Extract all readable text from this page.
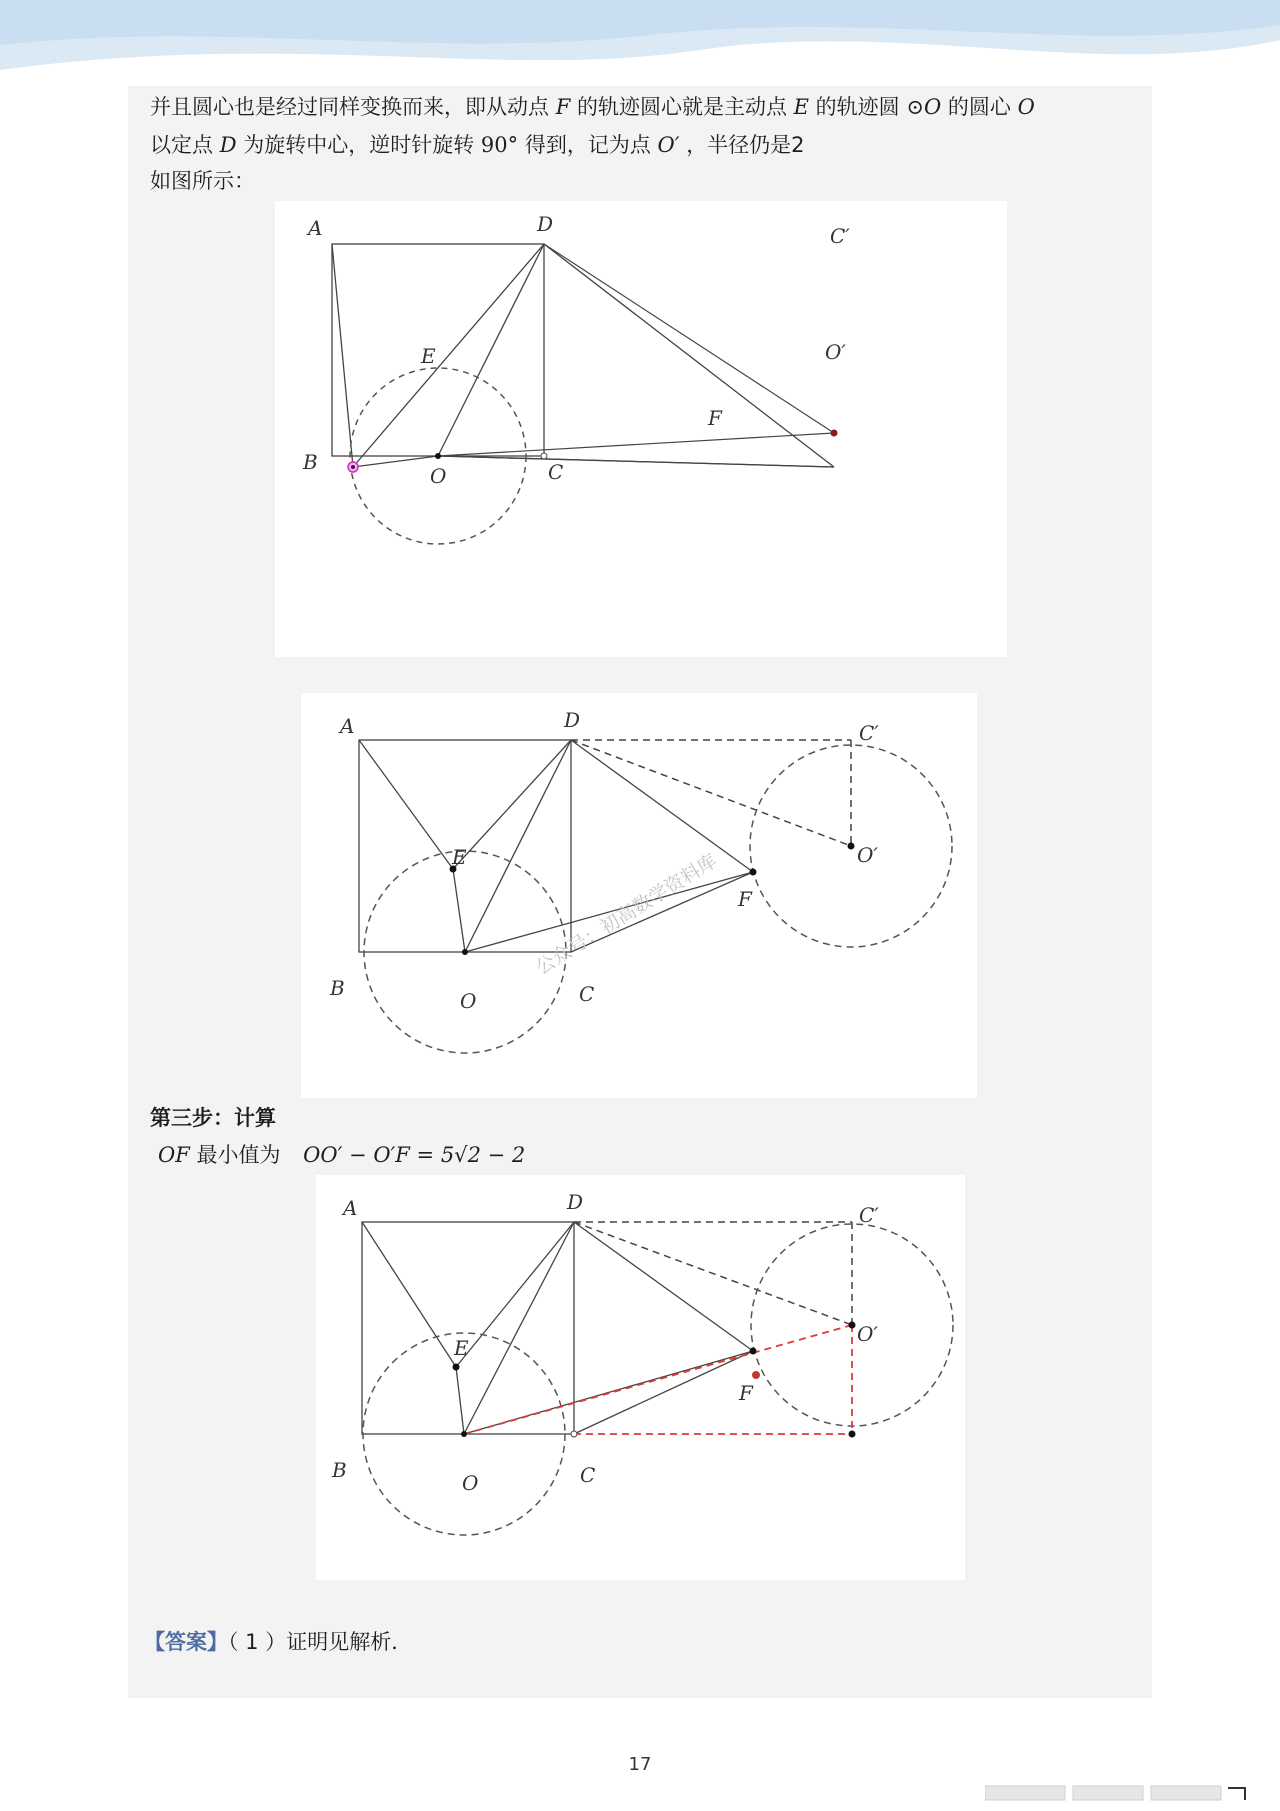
并且圆心也是经过同样变换而来，即从动点 F 的轨迹圆心就是主动点 E 的轨迹圆 ⊙O 的圆心 O
以定点 D 为旋转中心，逆时针旋转 90° 得到，记为点 O′ ，半径仍是2
如图所示：
A
B	C
D
E
F
O
C′
O′
公众号：初高数学资料库
A
B	C
D
E
F
O
C′
O′
第三步：计算
OF 最小值为 OO′ − O′F = 5√2 − 2
A
B	C
D
E
F
O
C′
O′
【答案】（ 1 ）证明见解析．
17
